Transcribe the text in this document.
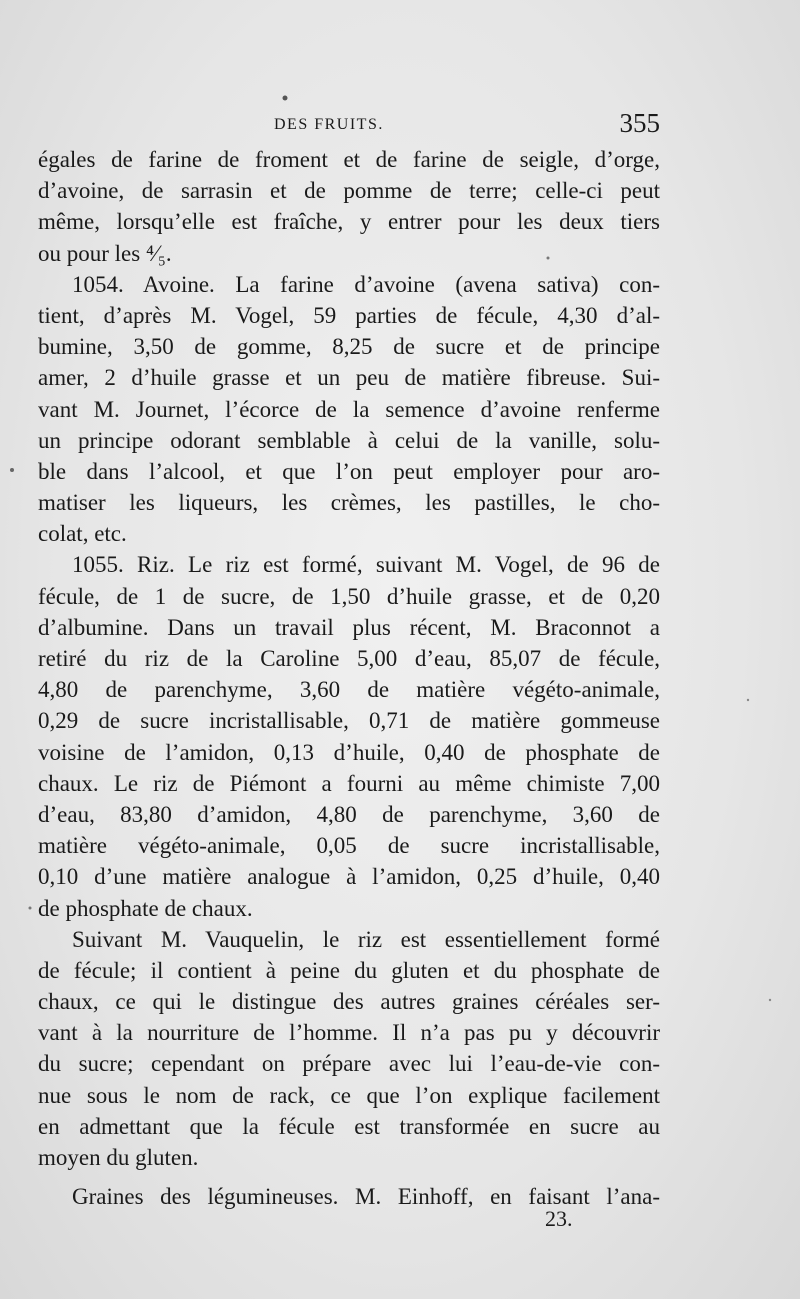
DES FRUITS.	355
égales de farine de froment et de farine de seigle, d’orge,
d’avoine, de sarrasin et de pomme de terre; celle-ci peut
même, lorsqu’elle est fraîche, y entrer pour les deux tiers
ou pour les ⁴⁄₅.
1054. Avoine. La farine d’avoine (avena sativa) con-
tient, d’après M. Vogel, 59 parties de fécule, 4,30 d’al-
bumine, 3,50 de gomme, 8,25 de sucre et de principe
amer, 2 d’huile grasse et un peu de matière fibreuse. Sui-
vant M. Journet, l’écorce de la semence d’avoine renferme
un principe odorant semblable à celui de la vanille, solu-
ble dans l’alcool, et que l’on peut employer pour aro-
matiser les liqueurs, les crèmes, les pastilles, le cho-
colat, etc.
1055. Riz. Le riz est formé, suivant M. Vogel, de 96 de
fécule, de 1 de sucre, de 1,50 d’huile grasse, et de 0,20
d’albumine. Dans un travail plus récent, M. Braconnot a
retiré du riz de la Caroline 5,00 d’eau, 85,07 de fécule,
4,80 de parenchyme, 3,60 de matière végéto-animale,
0,29 de sucre incristallisable, 0,71 de matière gommeuse
voisine de l’amidon, 0,13 d’huile, 0,40 de phosphate de
chaux. Le riz de Piémont a fourni au même chimiste 7,00
d’eau, 83,80 d’amidon, 4,80 de parenchyme, 3,60 de
matière végéto-animale, 0,05 de sucre incristallisable,
0,10 d’une matière analogue à l’amidon, 0,25 d’huile, 0,40
de phosphate de chaux.
Suivant M. Vauquelin, le riz est essentiellement formé
de fécule; il contient à peine du gluten et du phosphate de
chaux, ce qui le distingue des autres graines céréales ser-
vant à la nourriture de l’homme. Il n’a pas pu y découvrir
du sucre; cependant on prépare avec lui l’eau-de-vie con-
nue sous le nom de rack, ce que l’on explique facilement
en admettant que la fécule est transformée en sucre au
moyen du gluten.
Graines des légumineuses. M. Einhoff, en faisant l’ana-
23.
